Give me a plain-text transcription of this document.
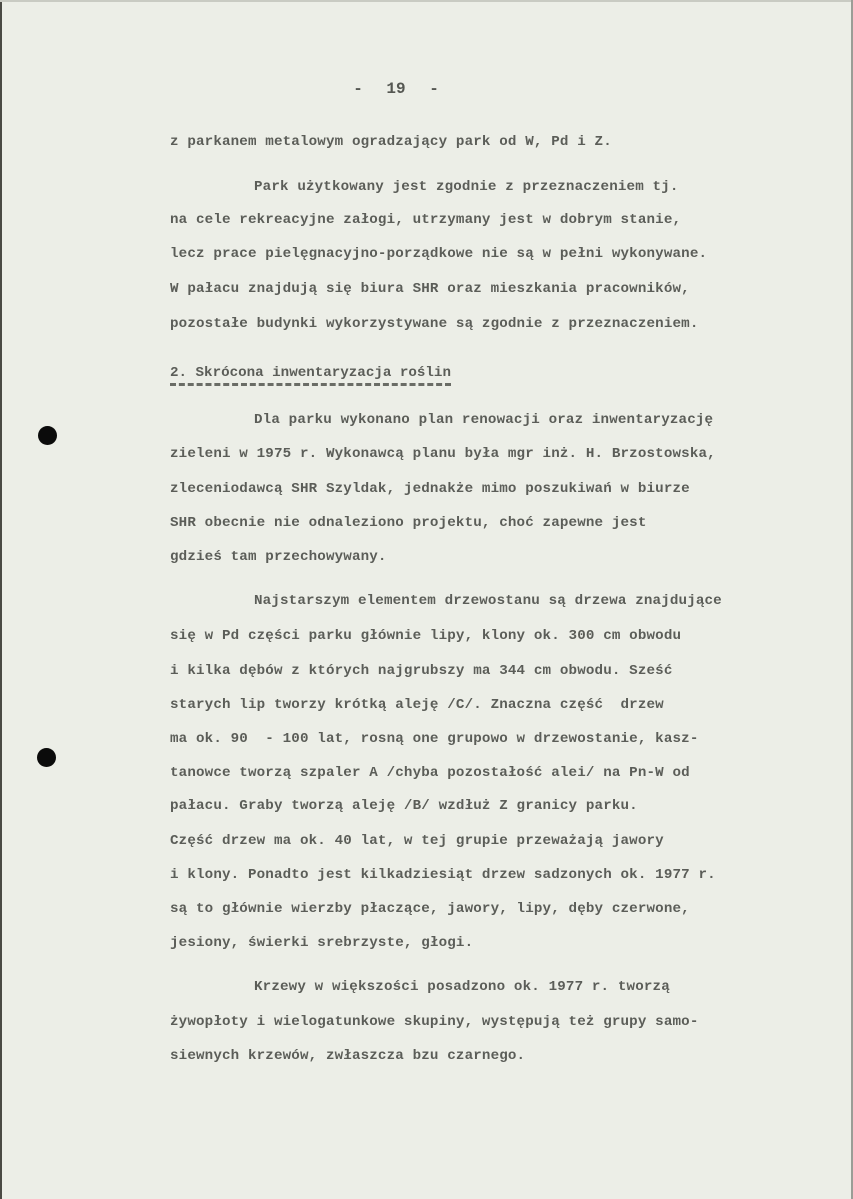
- 19 -
z parkanem metalowym ogradzający park od W, Pd i Z.
Park użytkowany jest zgodnie z przeznaczeniem tj.
na cele rekreacyjne załogi, utrzymany jest w dobrym stanie,
lecz prace pielęgnacyjno-porządkowe nie są w pełni wykonywane.
W pałacu znajdują się biura SHR oraz mieszkania pracowników,
pozostałe budynki wykorzystywane są zgodnie z przeznaczeniem.
2. Skrócona inwentaryzacja roślin
Dla parku wykonano plan renowacji oraz inwentaryzację
zieleni w 1975 r. Wykonawcą planu była mgr inż. H. Brzostowska,
zleceniodawcą SHR Szyldak, jednakże mimo poszukiwań w biurze
SHR obecnie nie odnaleziono projektu, choć zapewne jest
gdzieś tam przechowywany.
Najstarszym elementem drzewostanu są drzewa znajdujące
się w Pd części parku głównie lipy, klony ok. 300 cm obwodu
i kilka dębów z których najgrubszy ma 344 cm obwodu. Sześć
starych lip tworzy krótką aleję /C/. Znaczna część  drzew
ma ok. 90  - 100 lat, rosną one grupowo w drzewostanie, kasz-
tanowce tworzą szpaler A /chyba pozostałość alei/ na Pn-W od
pałacu. Graby tworzą aleję /B/ wzdłuż Z granicy parku.
Część drzew ma ok. 40 lat, w tej grupie przeważają jawory
i klony. Ponadto jest kilkadziesiąt drzew sadzonych ok. 1977 r.
są to głównie wierzby płaczące, jawory, lipy, dęby czerwone,
jesiony, świerki srebrzyste, głogi.
Krzewy w większości posadzono ok. 1977 r. tworzą
żywopłoty i wielogatunkowe skupiny, występują też grupy samo-
siewnych krzewów, zwłaszcza bzu czarnego.
